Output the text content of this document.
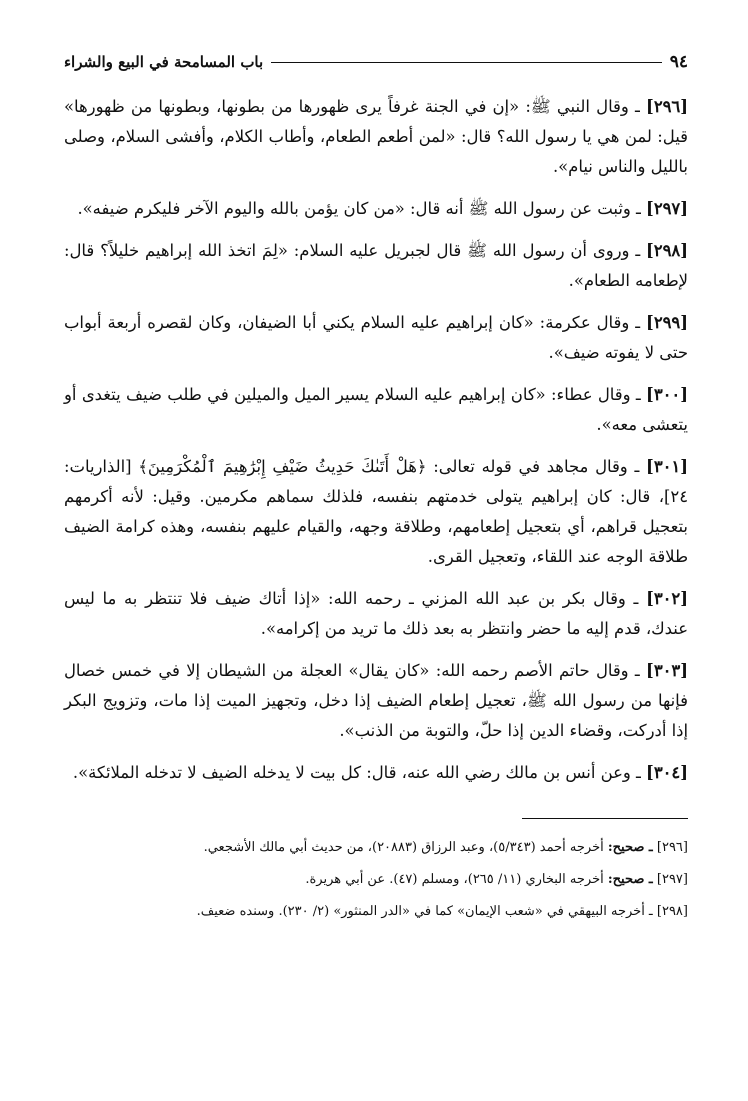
٩٤
باب المسامحة في البيع والشراء

[٢٩٦] ـ وقال النبي ﷺ: «إن في الجنة غرفاً يرى ظهورها من بطونها، وبطونها من ظهورها» قيل: لمن هي يا رسول الله؟ قال: «لمن أطعم الطعام، وأطاب الكلام، وأفشى السلام، وصلى بالليل والناس نيام».

[٢٩٧] ـ وثبت عن رسول الله ﷺ أنه قال: «من كان يؤمن بالله واليوم الآخر فليكرم ضيفه».

[٢٩٨] ـ وروى أن رسول الله ﷺ قال لجبريل عليه السلام: «لِمَ اتخذ الله إبراهيم خليلاً؟ قال: لإطعامه الطعام».

[٢٩٩] ـ وقال عكرمة: «كان إبراهيم عليه السلام يكني أبا الضيفان، وكان لقصره أربعة أبواب حتى لا يفوته ضيف».

[٣٠٠] ـ وقال عطاء: «كان إبراهيم عليه السلام يسير الميل والميلين في طلب ضيف يتغدى أو يتعشى معه».

[٣٠١] ـ وقال مجاهد في قوله تعالى: ﴿هَلْ أَتَىٰكَ حَدِيثُ ضَيْفِ إِبْرَٰهِيمَ ٱلْمُكْرَمِينَ﴾ [الذاريات: ٢٤]، قال: كان إبراهيم يتولى خدمتهم بنفسه، فلذلك سماهم مكرمين. وقيل: لأنه أكرمهم بتعجيل قراهم، أي بتعجيل إطعامهم، وطلاقة وجهه، والقيام عليهم بنفسه، وهذه كرامة الضيف طلاقة الوجه عند اللقاء، وتعجيل القرى.

[٣٠٢] ـ وقال بكر بن عبد الله المزني ـ رحمه الله: «إذا أتاك ضيف فلا تنتظر به ما ليس عندك، قدم إليه ما حضر وانتظر به بعد ذلك ما تريد من إكرامه».

[٣٠٣] ـ وقال حاتم الأصم رحمه الله: «كان يقال» العجلة من الشيطان إلا في خمس خصال فإنها من رسول الله ﷺ، تعجيل إطعام الضيف إذا دخل، وتجهيز الميت إذا مات، وتزويج البكر إذا أدركت، وقضاء الدين إذا حلّ، والتوبة من الذنب».

[٣٠٤] ـ وعن أنس بن مالك رضي الله عنه، قال: كل بيت لا يدخله الضيف لا تدخله الملائكة».

[٢٩٦] ـ صحيح: أخرجه أحمد (٥/٣٤٣)، وعبد الرزاق (٢٠٨٨٣)، من حديث أبي مالك الأشجعي.

[٢٩٧] ـ صحيح: أخرجه البخاري (١١/ ٢٦٥)، ومسلم (٤٧). عن أبي هريرة.

[٢٩٨] ـ أخرجه البيهقي في «شعب الإيمان» كما في «الدر المنثور» (٢/ ٢٣٠). وسنده ضعيف.
